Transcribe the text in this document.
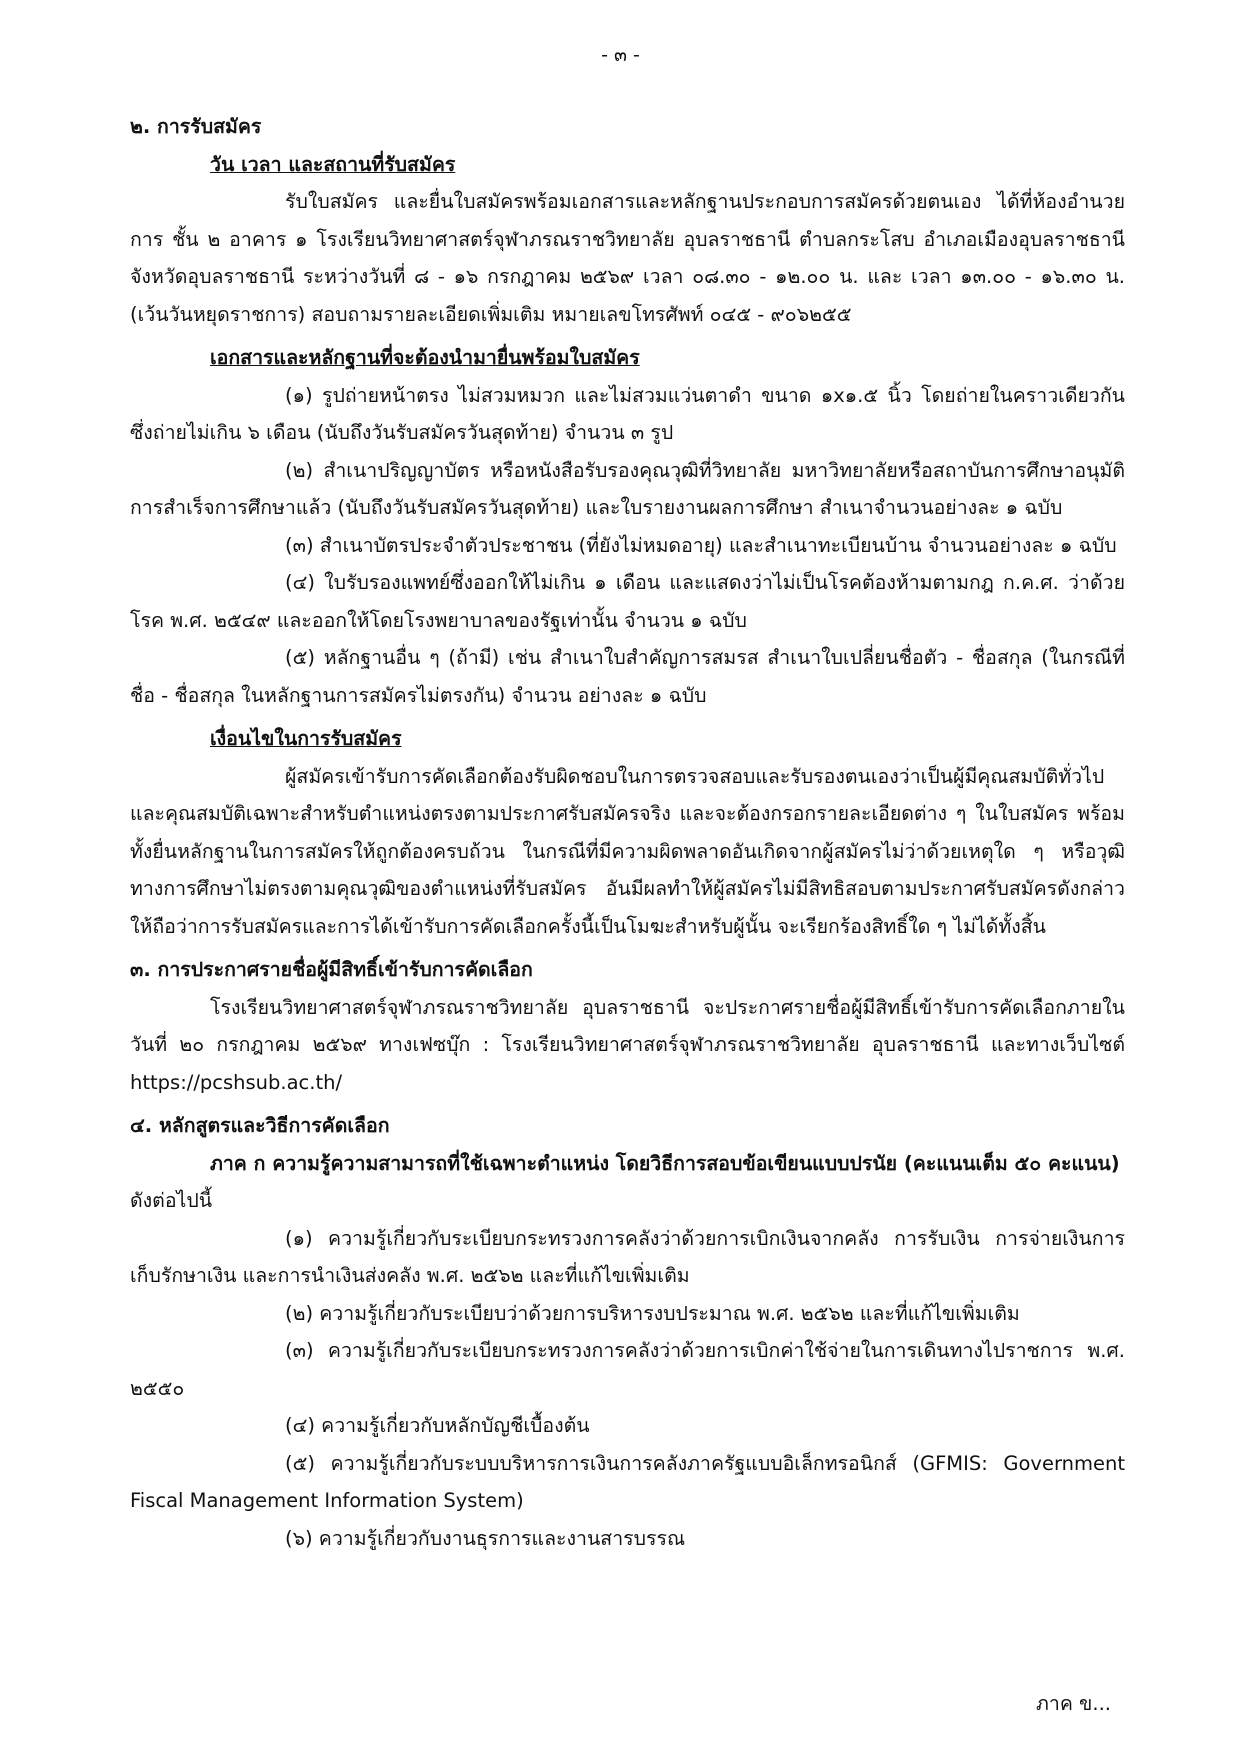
- ๓ -

๒. การรับสมัคร

วัน เวลา และสถานที่รับสมัคร

รับใบสมัคร และยื่นใบสมัครพร้อมเอกสารและหลักฐานประกอบการสมัครด้วยตนเอง ได้ที่ห้องอำนวยการ ชั้น ๒ อาคาร ๑ โรงเรียนวิทยาศาสตร์จุฬาภรณราชวิทยาลัย อุบลราชธานี ตำบลกระโสบ อำเภอเมืองอุบลราชธานี จังหวัดอุบลราชธานี ระหว่างวันที่ ๘ - ๑๖ กรกฎาคม ๒๕๖๙ เวลา ๐๘.๓๐ - ๑๒.๐๐ น. และ เวลา ๑๓.๐๐ - ๑๖.๓๐ น. (เว้นวันหยุดราชการ) สอบถามรายละเอียดเพิ่มเติม หมายเลขโทรศัพท์ ๐๔๕ - ๙๐๖๒๕๕

เอกสารและหลักฐานที่จะต้องนำมายื่นพร้อมใบสมัคร

(๑) รูปถ่ายหน้าตรง ไม่สวมหมวก และไม่สวมแว่นตาดำ ขนาด ๑x๑.๕ นิ้ว โดยถ่ายในคราวเดียวกัน ซึ่งถ่ายไม่เกิน ๖ เดือน (นับถึงวันรับสมัครวันสุดท้าย) จำนวน ๓ รูป

(๒) สำเนาปริญญาบัตร หรือหนังสือรับรองคุณวุฒิที่วิทยาลัย มหาวิทยาลัยหรือสถาบันการศึกษาอนุมัติการสำเร็จการศึกษาแล้ว (นับถึงวันรับสมัครวันสุดท้าย) และใบรายงานผลการศึกษา สำเนาจำนวนอย่างละ ๑ ฉบับ

(๓) สำเนาบัตรประจำตัวประชาชน (ที่ยังไม่หมดอายุ) และสำเนาทะเบียนบ้าน จำนวนอย่างละ ๑ ฉบับ

(๔) ใบรับรองแพทย์ซึ่งออกให้ไม่เกิน ๑ เดือน และแสดงว่าไม่เป็นโรคต้องห้ามตามกฎ ก.ค.ศ. ว่าด้วยโรค พ.ศ. ๒๕๔๙ และออกให้โดยโรงพยาบาลของรัฐเท่านั้น จำนวน ๑ ฉบับ

(๕) หลักฐานอื่น ๆ (ถ้ามี) เช่น สำเนาใบสำคัญการสมรส สำเนาใบเปลี่ยนชื่อตัว - ชื่อสกุล (ในกรณีที่ชื่อ - ชื่อสกุล ในหลักฐานการสมัครไม่ตรงกัน) จำนวน อย่างละ ๑ ฉบับ

เงื่อนไขในการรับสมัคร

ผู้สมัครเข้ารับการคัดเลือกต้องรับผิดชอบในการตรวจสอบและรับรองตนเองว่าเป็นผู้มีคุณสมบัติทั่วไป และคุณสมบัติเฉพาะสำหรับตำแหน่งตรงตามประกาศรับสมัครจริง และจะต้องกรอกรายละเอียดต่าง ๆ ในใบสมัคร พร้อมทั้งยื่นหลักฐานในการสมัครให้ถูกต้องครบถ้วน ในกรณีที่มีความผิดพลาดอันเกิดจากผู้สมัครไม่ว่าด้วยเหตุใด ๆ หรือวุฒิทางการศึกษาไม่ตรงตามคุณวุฒิของตำแหน่งที่รับสมัคร อันมีผลทำให้ผู้สมัครไม่มีสิทธิสอบตามประกาศรับสมัครดังกล่าว ให้ถือว่าการรับสมัครและการได้เข้ารับการคัดเลือกครั้งนี้เป็นโมฆะสำหรับผู้นั้น จะเรียกร้องสิทธิ์ใด ๆ ไม่ได้ทั้งสิ้น

๓. การประกาศรายชื่อผู้มีสิทธิ์เข้ารับการคัดเลือก

โรงเรียนวิทยาศาสตร์จุฬาภรณราชวิทยาลัย อุบลราชธานี จะประกาศรายชื่อผู้มีสิทธิ์เข้ารับการคัดเลือกภายในวันที่ ๒๐ กรกฎาคม ๒๕๖๙ ทางเฟซบุ๊ก : โรงเรียนวิทยาศาสตร์จุฬาภรณราชวิทยาลัย อุบลราชธานี และทางเว็บไซต์ https://pcshsub.ac.th/

๔. หลักสูตรและวิธีการคัดเลือก

ภาค ก ความรู้ความสามารถที่ใช้เฉพาะตำแหน่ง โดยวิธีการสอบข้อเขียนแบบปรนัย (คะแนนเต็ม ๕๐ คะแนน)

ดังต่อไปนี้

(๑) ความรู้เกี่ยวกับระเบียบกระทรวงการคลังว่าด้วยการเบิกเงินจากคลัง การรับเงิน การจ่ายเงินการเก็บรักษาเงิน และการนำเงินส่งคลัง พ.ศ. ๒๕๖๒ และที่แก้ไขเพิ่มเติม

(๒) ความรู้เกี่ยวกับระเบียบว่าด้วยการบริหารงบประมาณ พ.ศ. ๒๕๖๒ และที่แก้ไขเพิ่มเติม

(๓) ความรู้เกี่ยวกับระเบียบกระทรวงการคลังว่าด้วยการเบิกค่าใช้จ่ายในการเดินทางไปราชการ พ.ศ. ๒๕๕๐

(๔) ความรู้เกี่ยวกับหลักบัญชีเบื้องต้น

(๕) ความรู้เกี่ยวกับระบบบริหารการเงินการคลังภาครัฐแบบอิเล็กทรอนิกส์ (GFMIS: Government Fiscal Management Information System)

(๖) ความรู้เกี่ยวกับงานธุรการและงานสารบรรณ

ภาค ข...
